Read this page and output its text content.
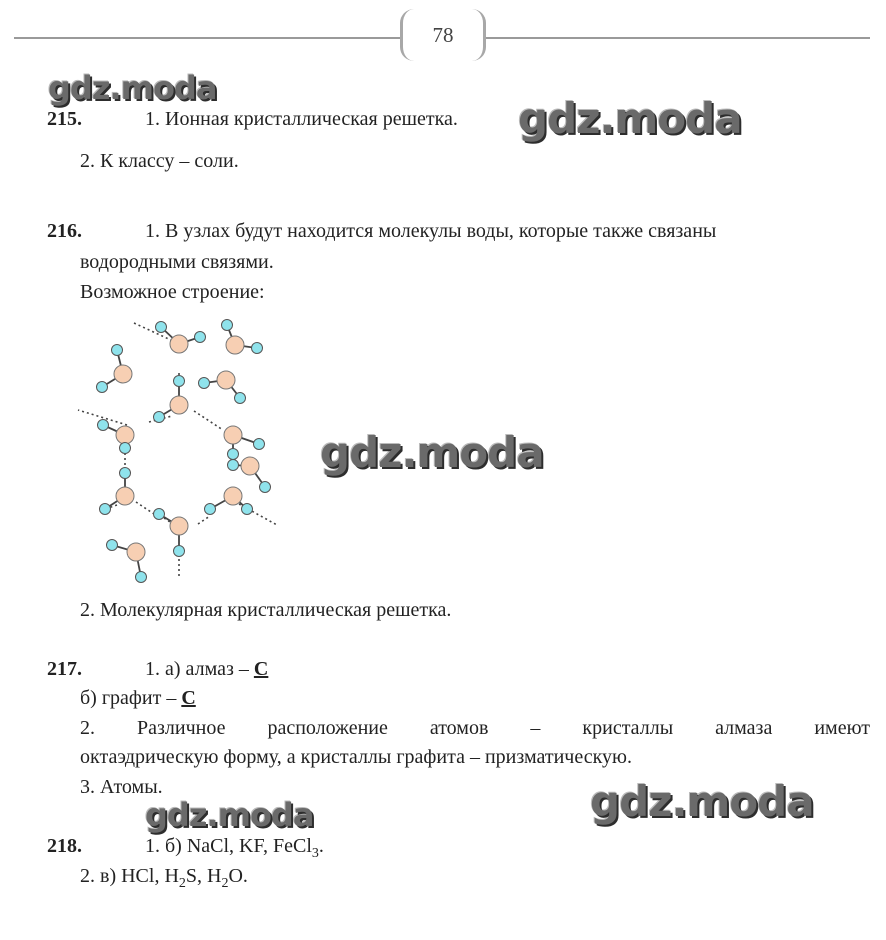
78
gdz.moda
gdz.moda
gdz.moda
gdz.moda
gdz.moda
215.	1. Ионная кристаллическая решетка.
2. К классу – соли.
216.	1. В узлах будут находится молекулы воды, которые также связаны
водородными связями.
Возможное строение:
2. Молекулярная кристаллическая решетка.
217.	1. а) алмаз – C
б) графит – C
2. Различное расположение атомов – кристаллы алмаза имеют
октаэдрическую форму, а кристаллы графита – призматическую.
3. Атомы.
218.	1. б) NaCl, KF, FeCl$_3$.
2. в) HCl, $H_2S$, $H_2O$.
